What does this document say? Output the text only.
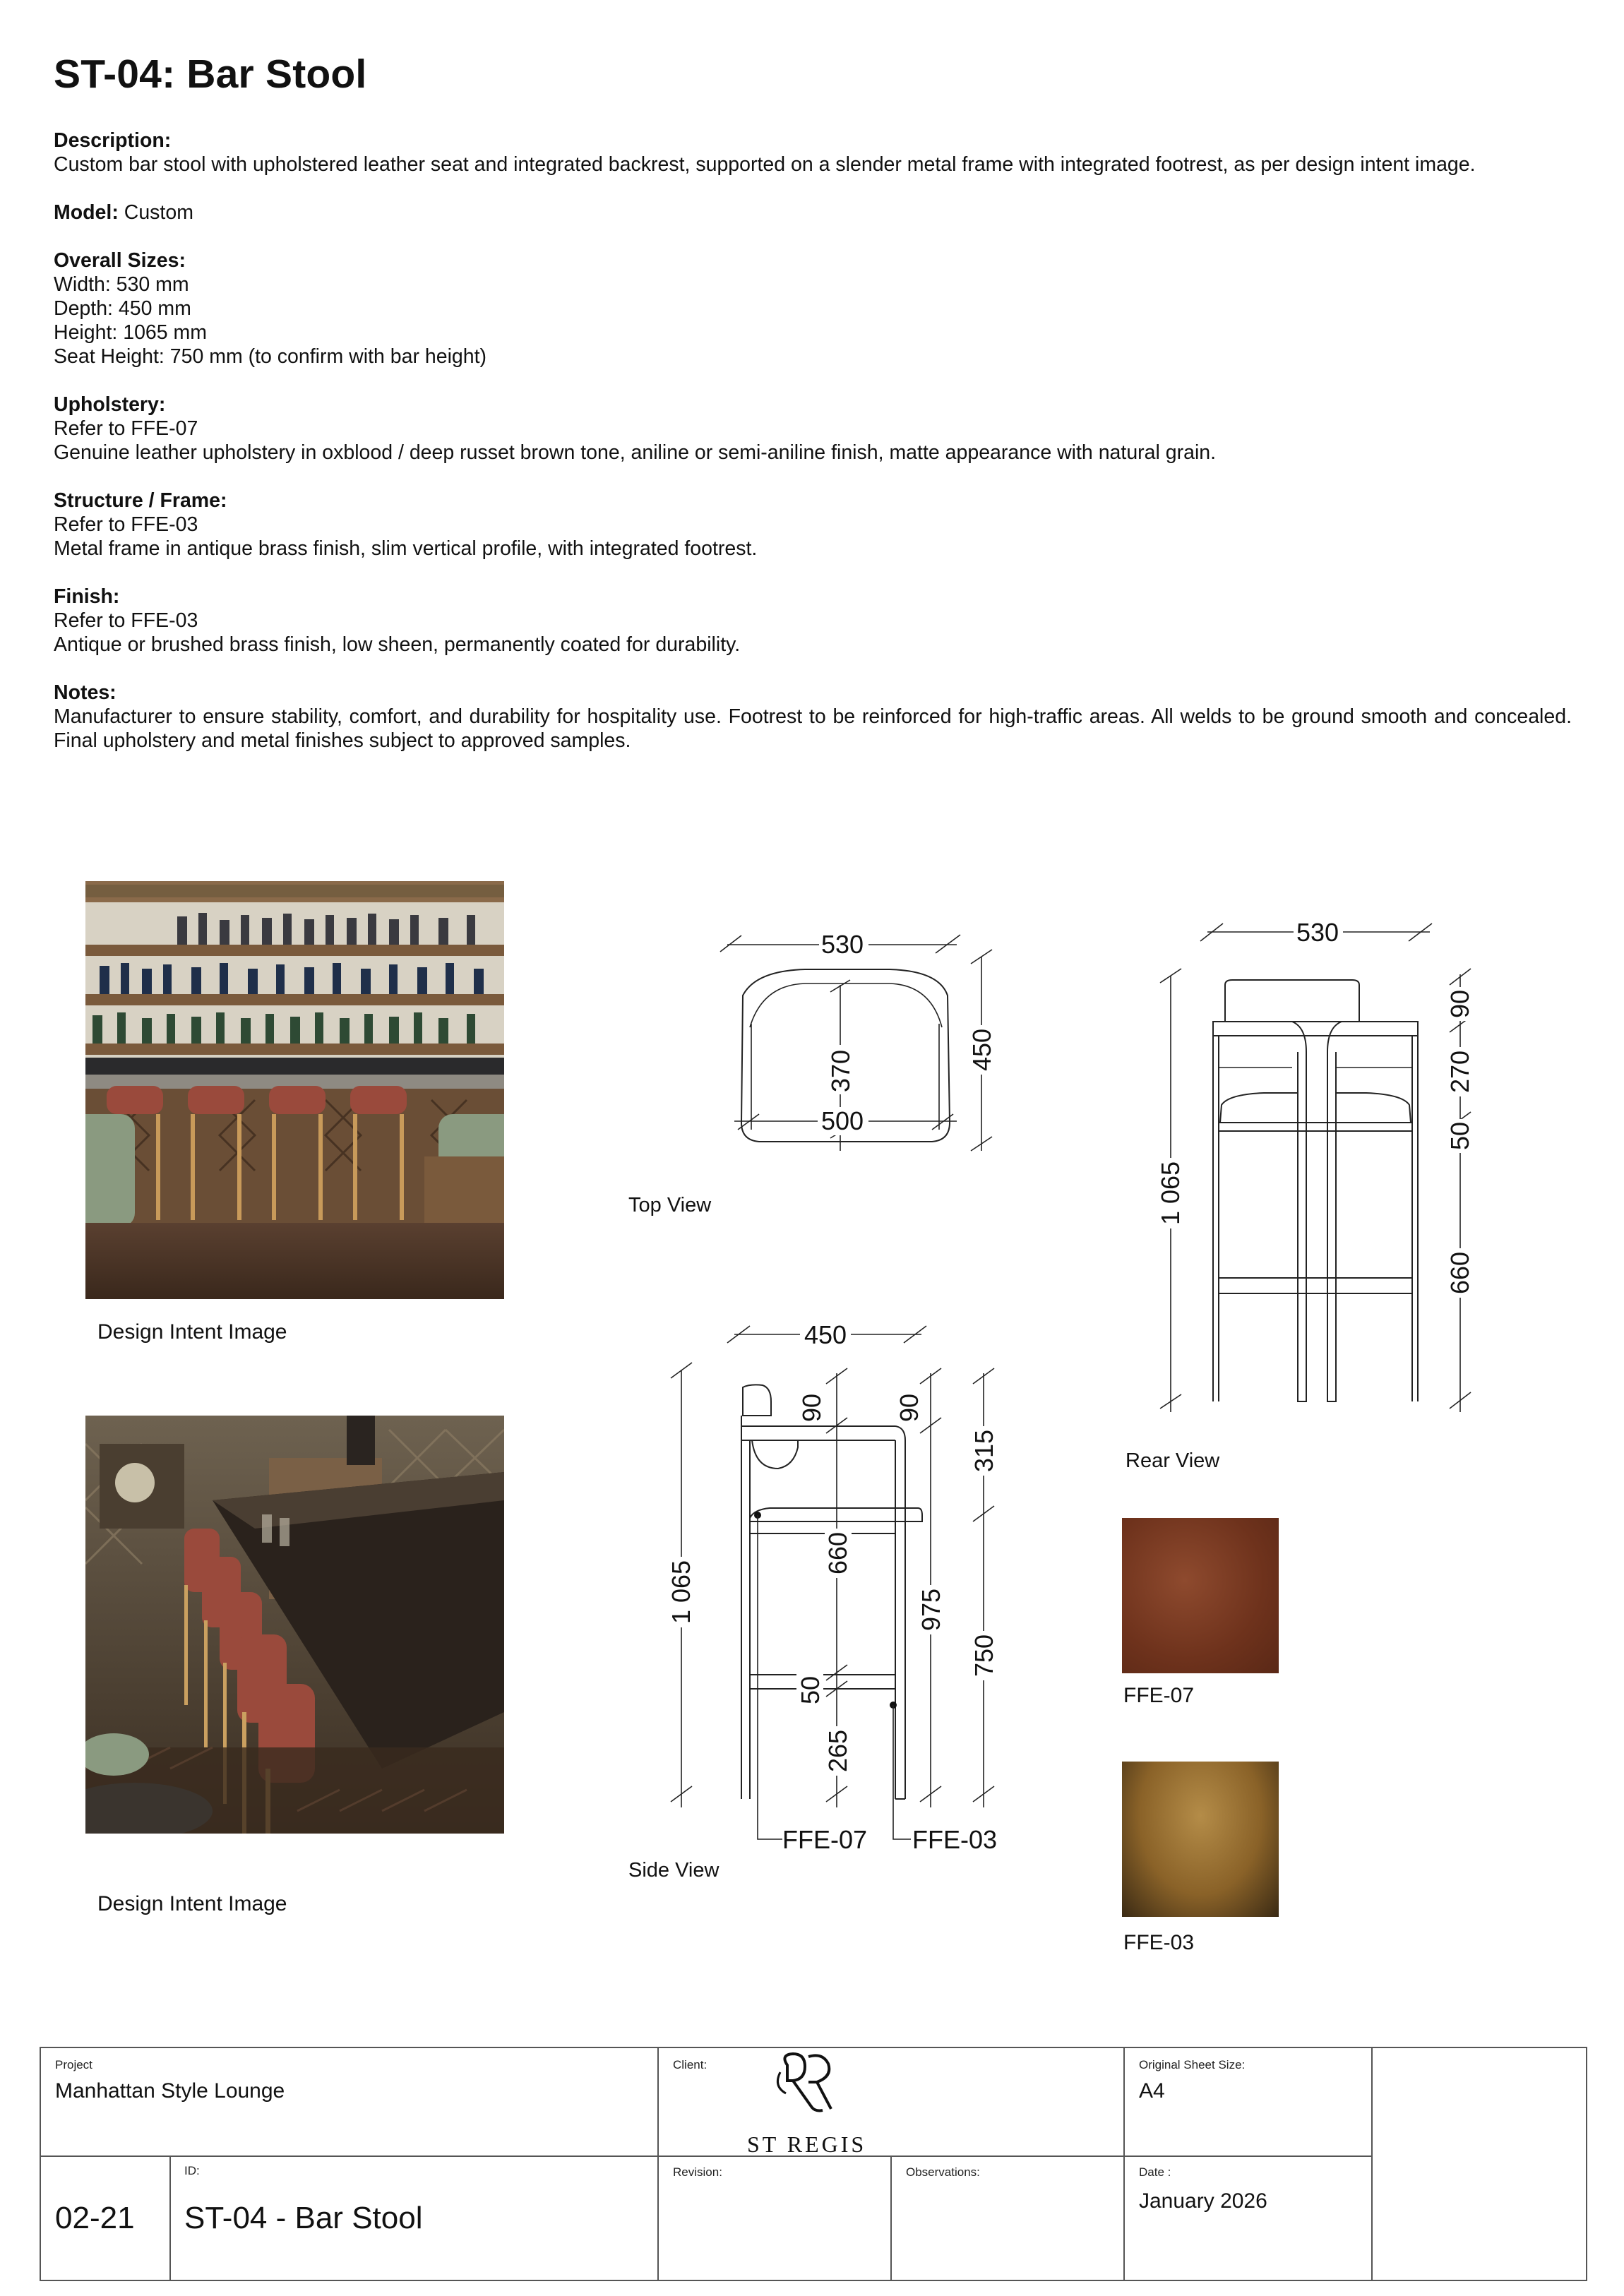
ST-04: Bar Stool
Description:
Custom bar stool with upholstered leather seat and integrated backrest, supported on a slender metal frame with integrated footrest, as per design intent image.
Model: Custom
Overall Sizes:
Width: 530 mm
Depth: 450 mm
Height: 1065 mm
Seat Height: 750 mm (to confirm with bar height)
Upholstery:
Refer to FFE-07
Genuine leather upholstery in oxblood / deep russet brown tone, aniline or semi-aniline finish, matte appearance with natural grain.
Structure / Frame:
Refer to FFE-03
Metal frame in antique brass finish, slim vertical profile, with integrated footrest.
Finish:
Refer to FFE-03
Antique or brushed brass finish, low sheen, permanently coated for durability.
Notes:
Manufacturer to ensure stability, comfort, and durability for hospitality use. Footrest to be reinforced for high-traffic areas. All welds to be ground smooth and concealed. Final upholstery and metal finishes subject to approved samples.
Design Intent Image
Design Intent Image
530
450
370
500
Top View
530
1 065
90
270
50
660
Rear View
450
1 065
90
660
50
265
90
975
315
750
FFE-07 FFE-03
Side View
FFE-07
FFE-03
Project
Manhattan Style Lounge
Client:
ST REGIS
Original Sheet Size:
A4
02-21
ID:
ST-04 - Bar Stool
Revision:	Observations:	Date :
January 2026
